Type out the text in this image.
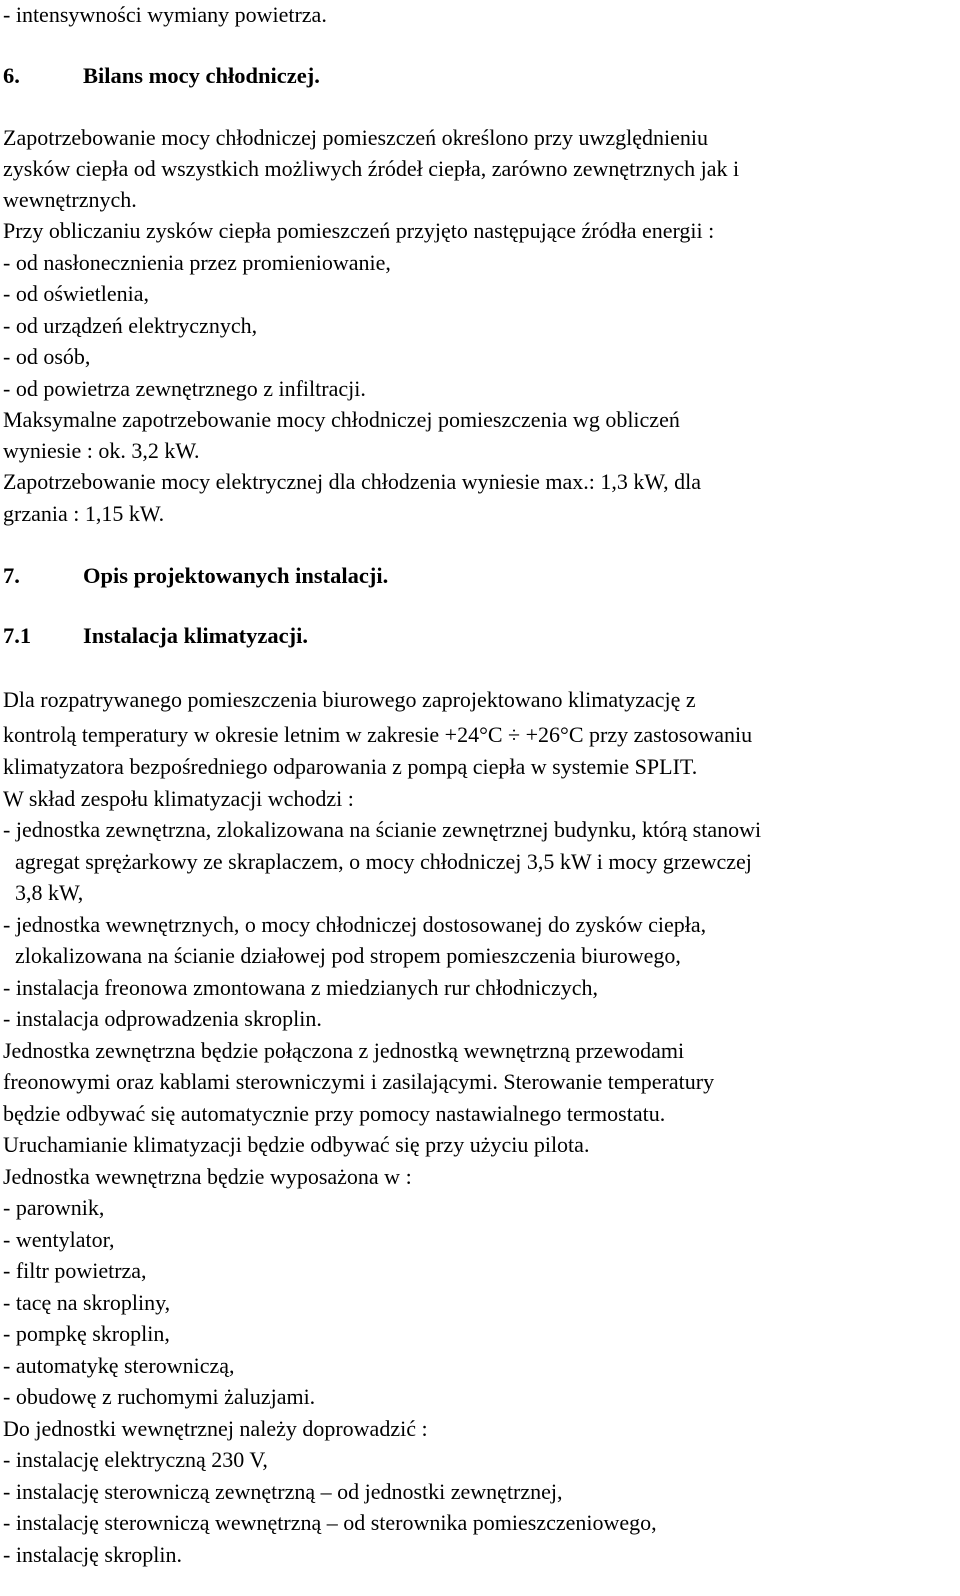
- intensywności wymiany powietrza.

6.	Bilans mocy chłodniczej.

Zapotrzebowanie mocy chłodniczej pomieszczeń określono przy uwzględnieniu

zysków ciepła od wszystkich możliwych źródeł ciepła, zarówno zewnętrznych jak i

wewnętrznych.

Przy obliczaniu zysków ciepła pomieszczeń przyjęto następujące źródła energii :

- od nasłonecznienia przez promieniowanie,

- od oświetlenia,

- od urządzeń elektrycznych,

- od osób,

- od powietrza zewnętrznego z infiltracji.

Maksymalne zapotrzebowanie mocy chłodniczej pomieszczenia wg obliczeń

wyniesie : ok. 3,2 kW.

Zapotrzebowanie mocy elektrycznej dla chłodzenia wyniesie max.: 1,3 kW, dla

grzania : 1,15 kW.

7.	Opis projektowanych instalacji.

7.1 Instalacja klimatyzacji.

Dla rozpatrywanego pomieszczenia biurowego zaprojektowano klimatyzację z

kontrolą temperatury w okresie letnim w zakresie +24°C ÷ +26°C przy zastosowaniu

klimatyzatora bezpośredniego odparowania z pompą ciepła w systemie SPLIT.

W skład zespołu klimatyzacji wchodzi :

- jednostka zewnętrzna, zlokalizowana na ścianie zewnętrznej budynku, którą stanowi

agregat sprężarkowy ze skraplaczem, o mocy chłodniczej 3,5 kW i mocy grzewczej

3,8 kW,

- jednostka wewnętrznych, o mocy chłodniczej dostosowanej do zysków ciepła,

zlokalizowana na ścianie działowej pod stropem pomieszczenia biurowego,

- instalacja freonowa zmontowana z miedzianych rur chłodniczych,

- instalacja odprowadzenia skroplin.

Jednostka zewnętrzna będzie połączona z jednostką wewnętrzną przewodami

freonowymi oraz kablami sterowniczymi i zasilającymi. Sterowanie temperatury

będzie odbywać się automatycznie przy pomocy nastawialnego termostatu.

Uruchamianie klimatyzacji będzie odbywać się przy użyciu pilota.

Jednostka wewnętrzna będzie wyposażona w :

- parownik,

- wentylator,

- filtr powietrza,

- tacę na skropliny,

- pompkę skroplin,

- automatykę sterowniczą,

- obudowę z ruchomymi żaluzjami.

Do jednostki wewnętrznej należy doprowadzić :

- instalację elektryczną 230 V,

- instalację sterowniczą zewnętrzną – od jednostki zewnętrznej,

- instalację sterowniczą wewnętrzną – od sterownika pomieszczeniowego,

- instalację skroplin.
